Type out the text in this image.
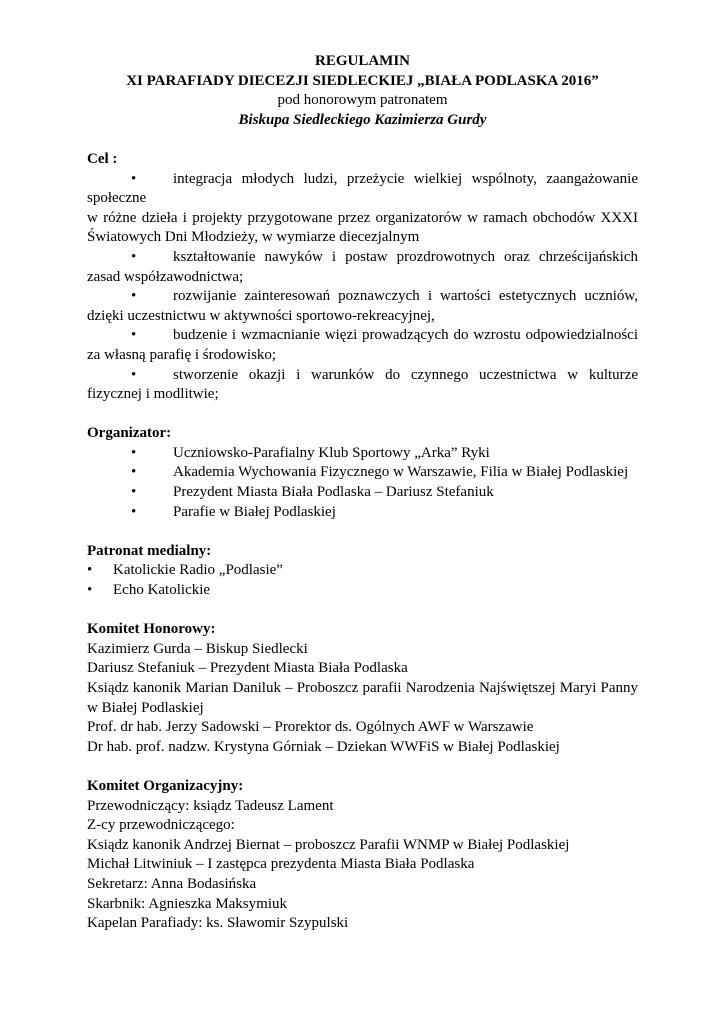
REGULAMIN
XI PARAFIADY DIECEZJI SIEDLECKIEJ „BIAŁA PODLASKA 2016”
pod honorowym patronatem
Biskupa Siedleckiego Kazimierza Gurdy
Cel :
• integracja młodych ludzi, przeżycie wielkiej wspólnoty, zaangażowanie społeczne
w różne dzieła i projekty przygotowane przez organizatorów w ramach obchodów XXXI Światowych Dni Młodzieży, w wymiarze diecezjalnym
• kształtowanie nawyków i postaw prozdrowotnych oraz chrześcijańskich zasad współzawodnictwa;
• rozwijanie zainteresowań poznawczych i wartości estetycznych uczniów, dzięki uczestnictwu w aktywności sportowo-rekreacyjnej,
• budzenie i wzmacnianie więzi prowadzących do wzrostu odpowiedzialności za własną parafię i środowisko;
• stworzenie okazji i warunków do czynnego uczestnictwa w kulturze fizycznej i modlitwie;
Organizator:
•	Uczniowsko-Parafialny Klub Sportowy „Arka” Ryki
•	Akademia Wychowania Fizycznego w Warszawie, Filia w Białej Podlaskiej
•	Prezydent Miasta Biała Podlaska – Dariusz Stefaniuk
•	Parafie w Białej Podlaskiej
Patronat medialny:
•	Katolickie Radio „Podlasie”
•	Echo Katolickie
Komitet Honorowy:
Kazimierz Gurda – Biskup Siedlecki
Dariusz Stefaniuk – Prezydent Miasta Biała Podlaska
Ksiądz kanonik Marian Daniluk – Proboszcz parafii Narodzenia Najświętszej Maryi Panny w Białej Podlaskiej
Prof. dr hab. Jerzy Sadowski – Prorektor ds. Ogólnych AWF w Warszawie
Dr hab. prof. nadzw. Krystyna Górniak – Dziekan WWFiS w Białej Podlaskiej
Komitet Organizacyjny:
Przewodniczący: ksiądz Tadeusz Lament
Z-cy przewodniczącego:
Ksiądz kanonik Andrzej Biernat – proboszcz Parafii WNMP w Białej Podlaskiej
Michał Litwiniuk – I zastępca prezydenta Miasta Biała Podlaska
Sekretarz: Anna Bodasińska
Skarbnik: Agnieszka Maksymiuk
Kapelan Parafiady: ks. Sławomir Szypulski
